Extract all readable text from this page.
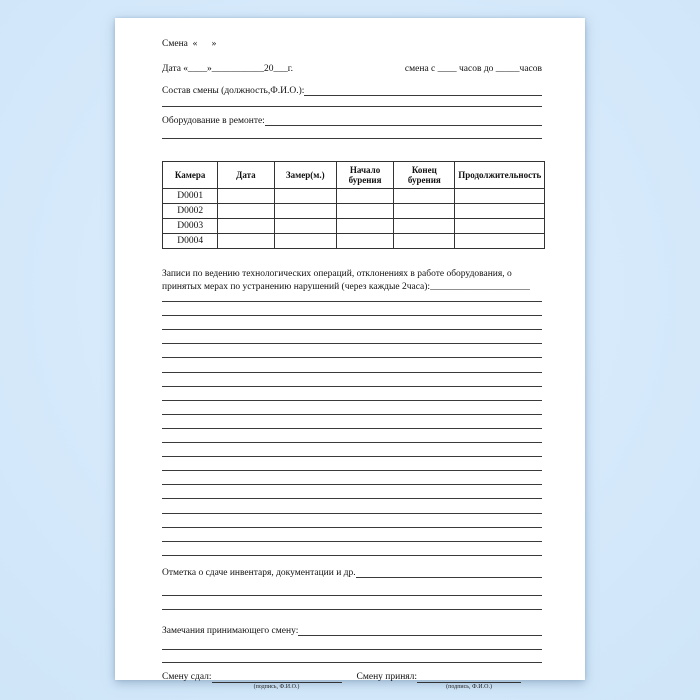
Смена  «      »
Дата «____»___________20___г.	смена с ____ часов до _____часов
Состав смены (должность,Ф.И.О.):
Оборудование в ремонте:
Камера	Дата	Замер(м.)	Начало бурения	Конец бурения	Продолжительность
D0001					
D0002					
D0003					
D0004					
Записи по ведению технологических операций, отклонениях в работе оборудования, о принятых мерах по устранению нарушений (через каждые 2часа):_____________________
Отметка о сдаче инвентаря, документации и др.
Замечания принимающего смену:
Смену сдал:
(подпись, Ф.И.О.)
Смену принял:
(подпись, Ф.И.О.)
